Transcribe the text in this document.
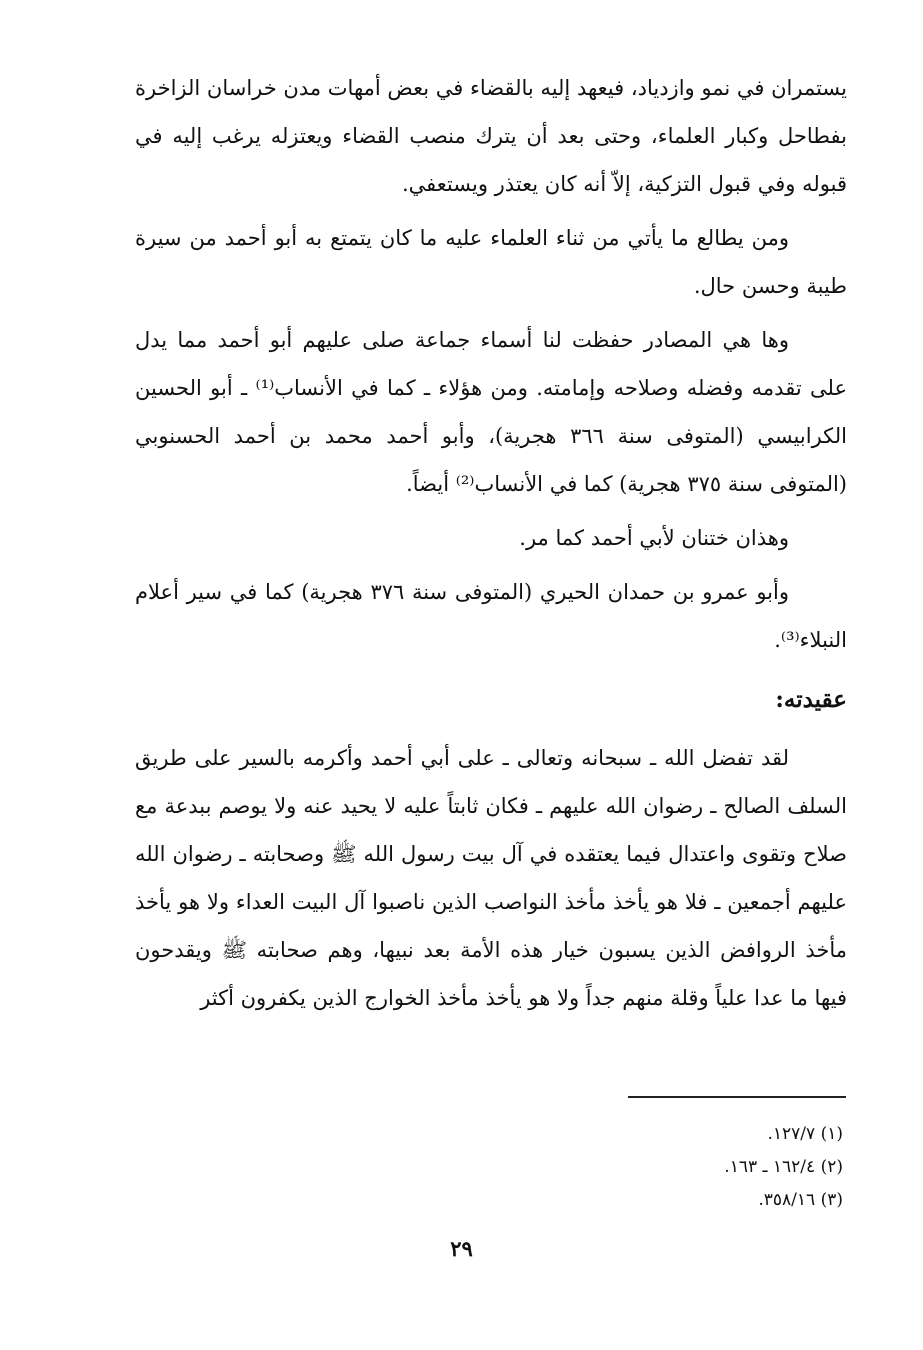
يستمران في نمو وازدياد، فيعهد إليه بالقضاء في بعض أمهات مدن خراسان الزاخرة بفطاحل وكبار العلماء، وحتى بعد أن يترك منصب القضاء ويعتزله يرغب إليه في قبوله وفي قبول التزكية، إلاّ أنه كان يعتذر ويستعفي.

ومن يطالع ما يأتي من ثناء العلماء عليه ما كان يتمتع به أبو أحمد من سيرة طيبة وحسن حال.

وها هي المصادر حفظت لنا أسماء جماعة صلى عليهم أبو أحمد مما يدل على تقدمه وفضله وصلاحه وإمامته. ومن هؤلاء ـ كما في الأنساب⁽¹⁾ ـ أبو الحسين الكرابيسي (المتوفى سنة ٣٦٦ هجرية)، وأبو أحمد محمد بن أحمد الحسنوبي (المتوفى سنة ٣٧٥ هجرية) كما في الأنساب⁽²⁾ أيضاً.

وهذان ختنان لأبي أحمد كما مر.

وأبو عمرو بن حمدان الحيري (المتوفى سنة ٣٧٦ هجرية) كما في سير أعلام النبلاء⁽³⁾.

عقيدته:

لقد تفضل الله ـ سبحانه وتعالى ـ على أبي أحمد وأكرمه بالسير على طريق السلف الصالح ـ رضوان الله عليهم ـ فكان ثابتاً عليه لا يحيد عنه ولا يوصم ببدعة مع صلاح وتقوى واعتدال فيما يعتقده في آل بيت رسول الله ﷺ وصحابته ـ رضوان الله عليهم أجمعين ـ فلا هو يأخذ مأخذ النواصب الذين ناصبوا آل البيت العداء ولا هو يأخذ مأخذ الروافض الذين يسبون خيار هذه الأمة بعد نبيها، وهم صحابته ﷺ ويقدحون فيها ما عدا علياً وقلة منهم جداً ولا هو يأخذ مأخذ الخوارج الذين يكفرون أكثر

(١) ١٢٧/٧.

(٢) ١٦٢/٤ ـ ١٦٣.

(٣) ٣٥٨/١٦.

٢٩
